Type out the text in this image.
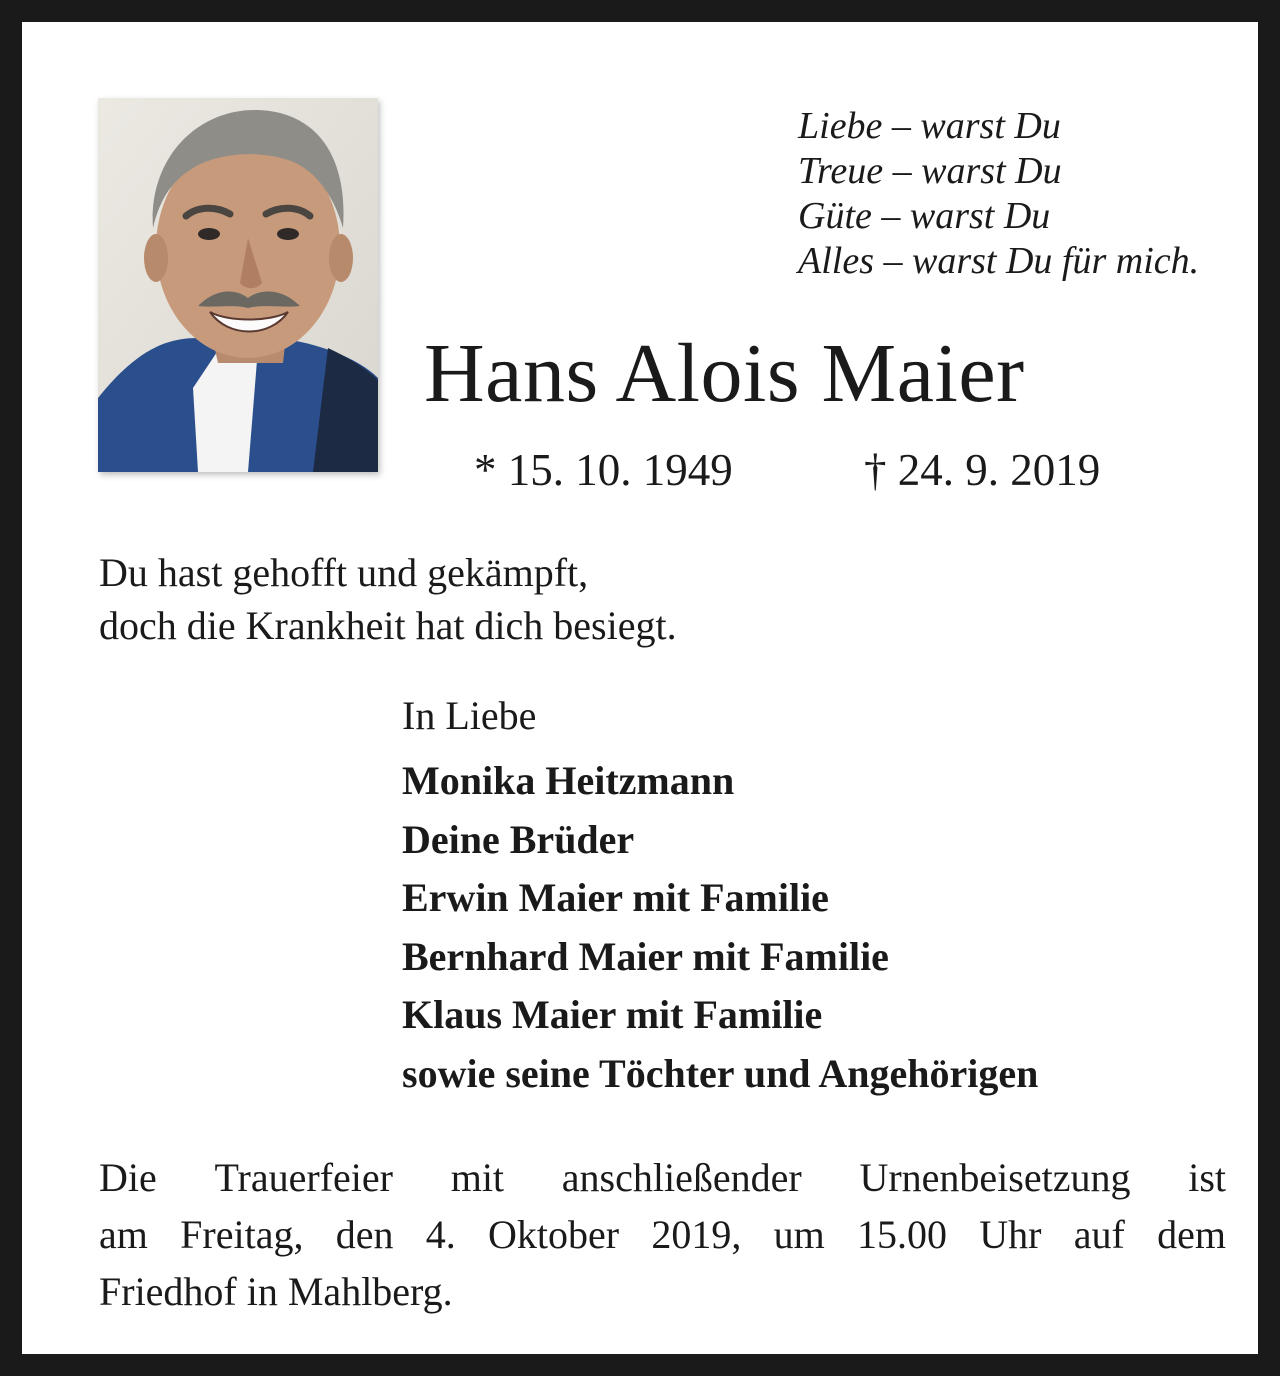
Liebe – warst Du
Treue – warst Du
Güte – warst Du
Alles – warst Du für mich.
Hans Alois Maier
* 15. 10. 1949	† 24. 9. 2019
Du hast gehofft und gekämpft,
doch die Krankheit hat dich besiegt.
In Liebe
Monika Heitzmann
Deine Brüder
Erwin Maier mit Familie
Bernhard Maier mit Familie
Klaus Maier mit Familie
sowie seine Töchter und Angehörigen
Die Trauerfeier mit anschließender Urnenbeisetzung ist
am Freitag, den 4. Oktober 2019, um 15.00 Uhr auf dem
Friedhof in Mahlberg.
